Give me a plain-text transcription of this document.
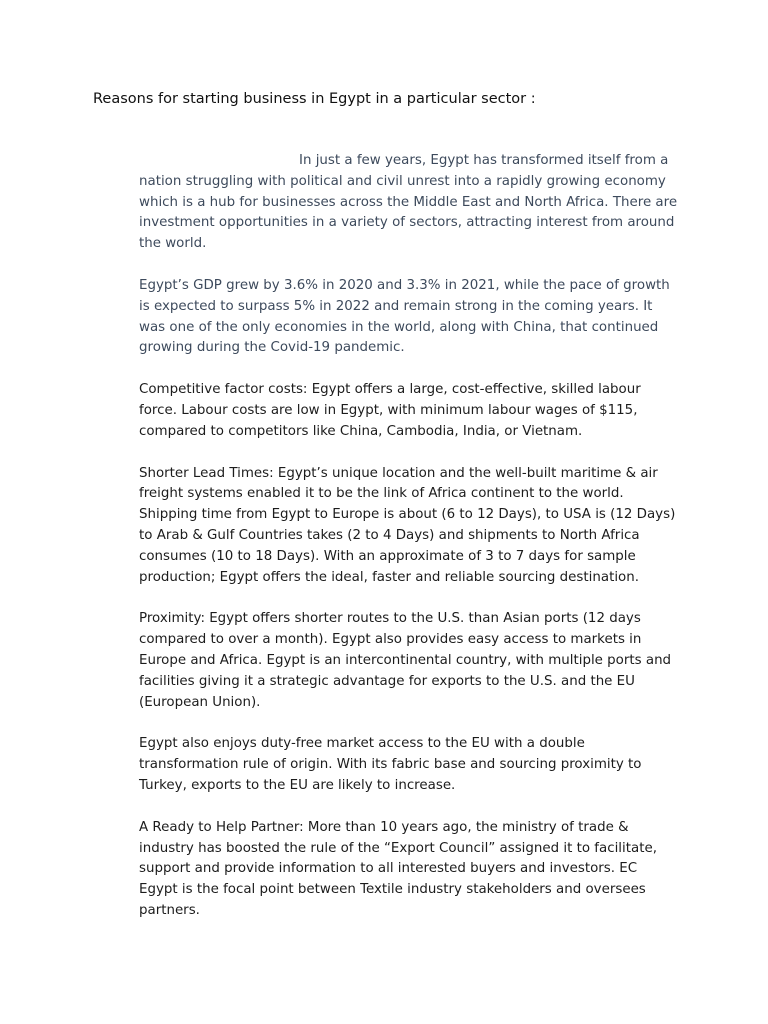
Reasons for starting business in Egypt in a particular sector :

In just a few years, Egypt has transformed itself from a nation struggling with political and civil unrest into a rapidly growing economy which is a hub for businesses across the Middle East and North Africa. There are investment opportunities in a variety of sectors, attracting interest from around the world.

Egypt’s GDP grew by 3.6% in 2020 and 3.3% in 2021, while the pace of growth is expected to surpass 5% in 2022 and remain strong in the coming years. It was one of the only economies in the world, along with China, that continued growing during the Covid-19 pandemic.

Competitive factor costs: Egypt offers a large, cost-effective, skilled labour force. Labour costs are low in Egypt, with minimum labour wages of $115, compared to competitors like China, Cambodia, India, or Vietnam.

Shorter Lead Times: Egypt’s unique location and the well-built maritime & air freight systems enabled it to be the link of Africa continent to the world. Shipping time from Egypt to Europe is about (6 to 12 Days), to USA is (12 Days) to Arab & Gulf Countries takes (2 to 4 Days) and shipments to North Africa consumes (10 to 18 Days). With an approximate of 3 to 7 days for sample production; Egypt offers the ideal, faster and reliable sourcing destination.

Proximity: Egypt offers shorter routes to the U.S. than Asian ports (12 days compared to over a month). Egypt also provides easy access to markets in Europe and Africa. Egypt is an intercontinental country, with multiple ports and facilities giving it a strategic advantage for exports to the U.S. and the EU (European Union).

Egypt also enjoys duty-free market access to the EU with a double transformation rule of origin. With its fabric base and sourcing proximity to Turkey, exports to the EU are likely to increase.

A Ready to Help Partner: More than 10 years ago, the ministry of trade & industry has boosted the rule of the “Export Council” assigned it to facilitate, support and provide information to all interested buyers and investors. EC Egypt is the focal point between Textile industry stakeholders and oversees partners.
